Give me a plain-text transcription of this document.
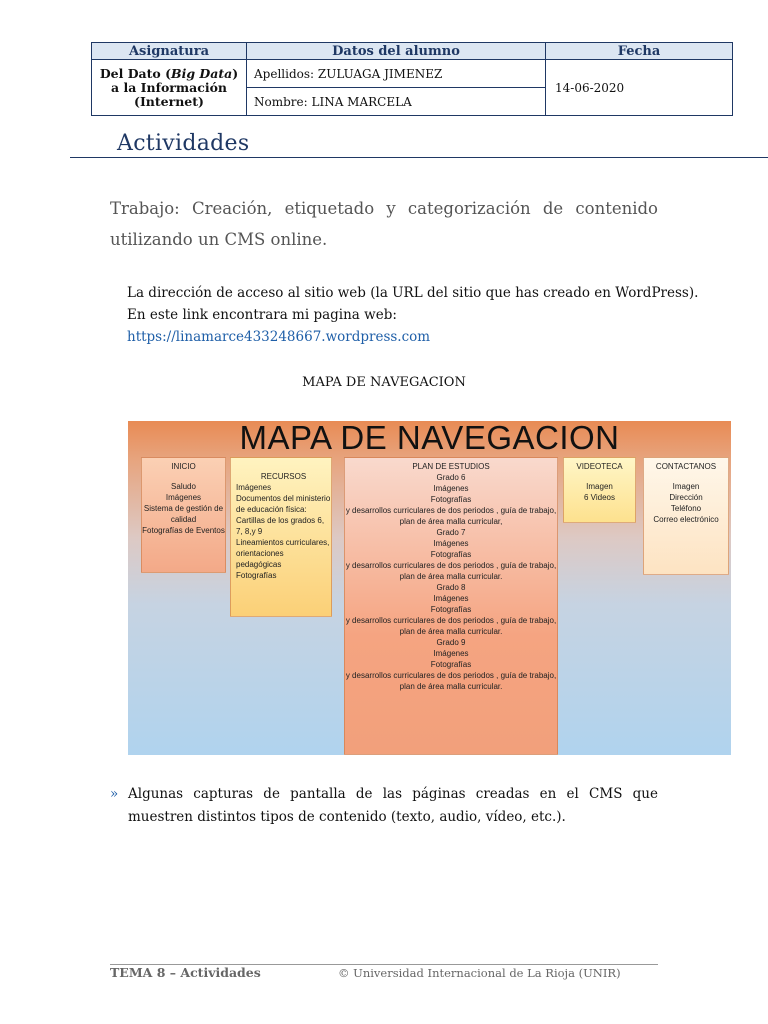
Asignatura	Datos del alumno	Fecha
Del Dato (Big Data)
a la Información
(Internet)	Apellidos: ZULUAGA JIMENEZ	14-06-2020
	Nombre: LINA MARCELA	
Actividades
Trabajo: Creación, etiquetado y categorización de contenido utilizando un CMS online.
La dirección de acceso al sitio web (la URL del sitio que has creado en WordPress).
En este link encontrara mi pagina web:
https://linamarce433248667.wordpress.com
MAPA DE NAVEGACION
MAPA DE NAVEGACION
INICIO
Saludo
Imágenes
Sistema de gestión de calidad
Fotografías de Eventos
RECURSOS
Imágenes
Documentos del ministerio de educación física: Cartillas de los grados 6, 7, 8,y 9
Lineamientos curriculares, orientaciones pedagógicas
Fotografías
PLAN DE ESTUDIOS
Grado 6
Imágenes
Fotografías
y desarrollos curriculares de dos periodos , guía de trabajo, plan de área malla curricular,
Grado 7
Imágenes
Fotografías
y desarrollos curriculares de dos periodos , guía de trabajo, plan de área malla curricular.
Grado 8
Imágenes
Fotografías
y desarrollos curriculares de dos periodos , guía de trabajo, plan de área malla curricular.
Grado 9
Imágenes
Fotografías
y desarrollos curriculares de dos periodos , guía de trabajo, plan de área malla curricular.
VIDEOTECA
Imagen
6 Videos
CONTACTANOS
Imagen
Dirección
Teléfono
Correo electrónico
» Algunas capturas de pantalla de las páginas creadas en el CMS que muestren distintos tipos de contenido (texto, audio, vídeo, etc.).
TEMA 8 – Actividades	© Universidad Internacional de La Rioja (UNIR)
